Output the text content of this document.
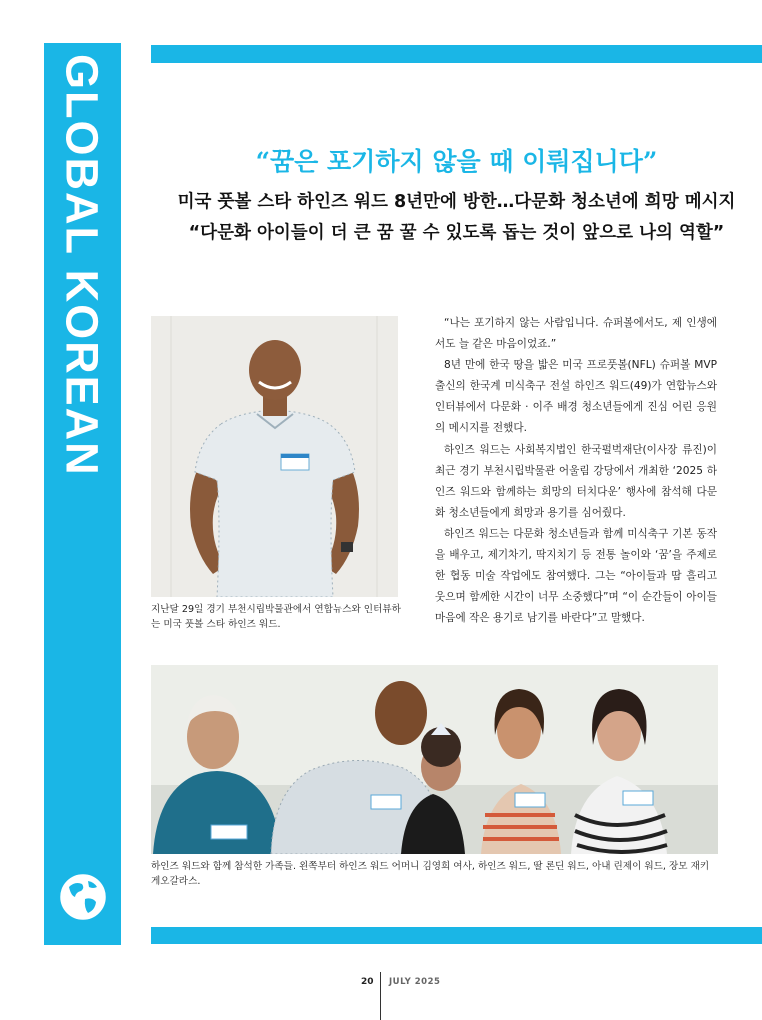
GLOBAL KOREAN	“꿈은 포기하지 않을 때 이뤄집니다”
미국 풋볼 스타 하인즈 워드 8년만에 방한…다문화 청소년에 희망 메시지
“다문화 아이들이 더 큰 꿈 꿀 수 있도록 돕는 것이 앞으로 나의 역할”
지난달 29일 경기 부천시립박물관에서 연합뉴스와 인터뷰하는 미국 풋볼 스타 하인즈 워드.

“나는 포기하지 않는 사람입니다. 슈퍼볼에서도, 제 인생에서도 늘 같은 마음이었죠.”

8년 만에 한국 땅을 밟은 미국 프로풋볼(NFL) 슈퍼볼 MVP 출신의 한국계 미식축구 전설 하인즈 워드(49)가 연합뉴스와 인터뷰에서 다문화 · 이주 배경 청소년들에게 진심 어린 응원의 메시지를 전했다.

하인즈 워드는 사회복지법인 한국펄벅재단(이사장 류진)이 최근 경기 부천시립박물관 어울림 강당에서 개최한 ‘2025 하인즈 워드와 함께하는 희망의 터치다운’ 행사에 참석해 다문화 청소년들에게 희망과 용기를 심어줬다.

하인즈 워드는 다문화 청소년들과 함께 미식축구 기본 동작을 배우고, 제기차기, 딱지치기 등 전통 놀이와 ‘꿈’을 주제로 한 협동 미술 작업에도 참여했다. 그는 “아이들과 땀 흘리고 웃으며 함께한 시간이 너무 소중했다”며 “이 순간들이 아이들 마음에 작은 용기로 남기를 바란다”고 말했다.

하인즈 워드와 함께 참석한 가족들. 왼쪽부터 하인즈 워드 어머니 김영희 여사, 하인즈 워드, 딸 론딘 워드, 아내 린제이 워드, 장모 재키 게오갈라스.
20 JULY 2025
